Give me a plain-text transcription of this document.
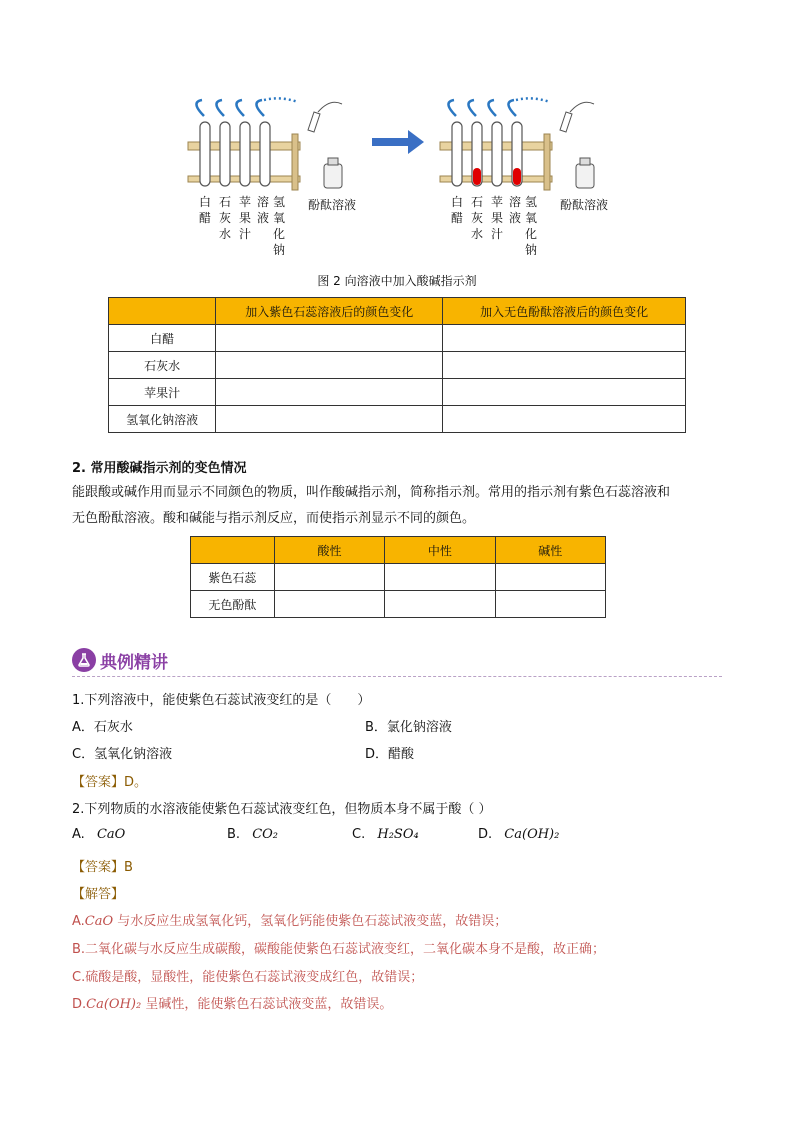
白醋
石灰水
苹果汁
溶液
氢氧化钠
酚酞溶液	白醋
石灰水
苹果汁
溶液
氢氧化钠
酚酞溶液
图 2 向溶液中加入酸碱指示剂
	加入紫色石蕊溶液后的颜色变化	加入无色酚酞溶液后的颜色变化
白醋		
石灰水		
苹果汁		
氢氧化钠溶液		
2. 常用酸碱指示剂的变色情况
能跟酸或碱作用而显示不同颜色的物质，叫作酸碱指示剂，简称指示剂。常用的指示剂有紫色石蕊溶液和
无色酚酞溶液。酸和碱能与指示剂反应，而使指示剂显示不同的颜色。
	酸性	中性	碱性
紫色石蕊			
无色酚酞			
典例精讲
1.下列溶液中，能使紫色石蕊试液变红的是（　　）
A．石灰水	B．氯化钠溶液
C．氢氧化钠溶液	D．醋酸
【答案】D。
2.下列物质的水溶液能使紫色石蕊试液变红色，但物质本身不属于酸（ ）
A. CaO	B. CO₂	C. H₂SO₄	D. Ca(OH)₂
【答案】B
【解答】
A.CaO 与水反应生成氢氧化钙，氢氧化钙能使紫色石蕊试液变蓝，故错误；
B.二氧化碳与水反应生成碳酸，碳酸能使紫色石蕊试液变红，二氧化碳本身不是酸，故正确；
C.硫酸是酸，显酸性，能使紫色石蕊试液变成红色，故错误；
D.Ca(OH)₂ 呈碱性，能使紫色石蕊试液变蓝，故错误。
